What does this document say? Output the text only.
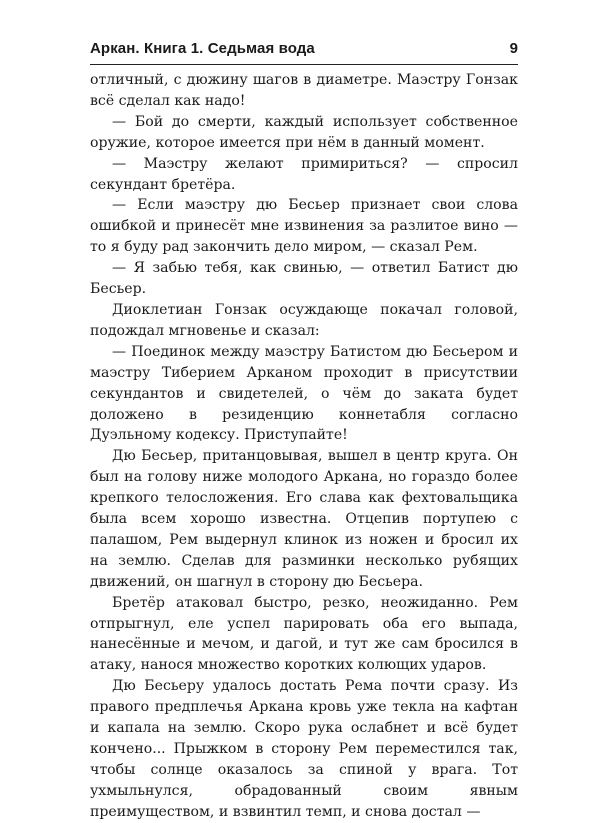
Аркан. Книга 1. Седьмая вода	9

отличный, с дюжину шагов в диаметре. Маэстру Гонзак всё сделал как надо!

— Бой до смерти, каждый использует собственное оружие, которое имеется при нём в данный момент.

— Маэстру желают примириться? — спросил секундант бретёра.

— Если маэстру дю Бесьер признает свои слова ошибкой и принесёт мне извинения за разлитое вино — то я буду рад закончить дело миром, — сказал Рем.

— Я забью тебя, как свинью, — ответил Батист дю Бесьер.

Диоклетиан Гонзак осуждающе покачал головой, подождал мгновенье и сказал:

— Поединок между маэстру Батистом дю Бесьером и маэстру Тиберием Арканом проходит в присутствии секундантов и свидетелей, о чём до заката будет доложено в резиденцию коннетабля согласно Дуэльному кодексу. Приступайте!

Дю Бесьер, пританцовывая, вышел в центр круга. Он был на голову ниже молодого Аркана, но гораздо более крепкого телосложения. Его слава как фехтовальщика была всем хорошо известна. Отцепив портупею с палашом, Рем выдернул клинок из ножен и бросил их на землю. Сделав для разминки несколько рубящих движений, он шагнул в сторону дю Бесьера.

Бретёр атаковал быстро, резко, неожиданно. Рем отпрыгнул, еле успел парировать оба его выпада, нанесённые и мечом, и дагой, и тут же сам бросился в атаку, нанося множество коротких колющих ударов.

Дю Бесьеру удалось достать Рема почти сразу. Из правого предплечья Аркана кровь уже текла на кафтан и капала на землю. Скоро рука ослабнет и всё будет кончено... Прыжком в сторону Рем переместился так, чтобы солнце оказалось за спиной у врага. Тот ухмыльнулся, обрадованный своим явным преимуществом, и взвинтил темп, и снова достал —
